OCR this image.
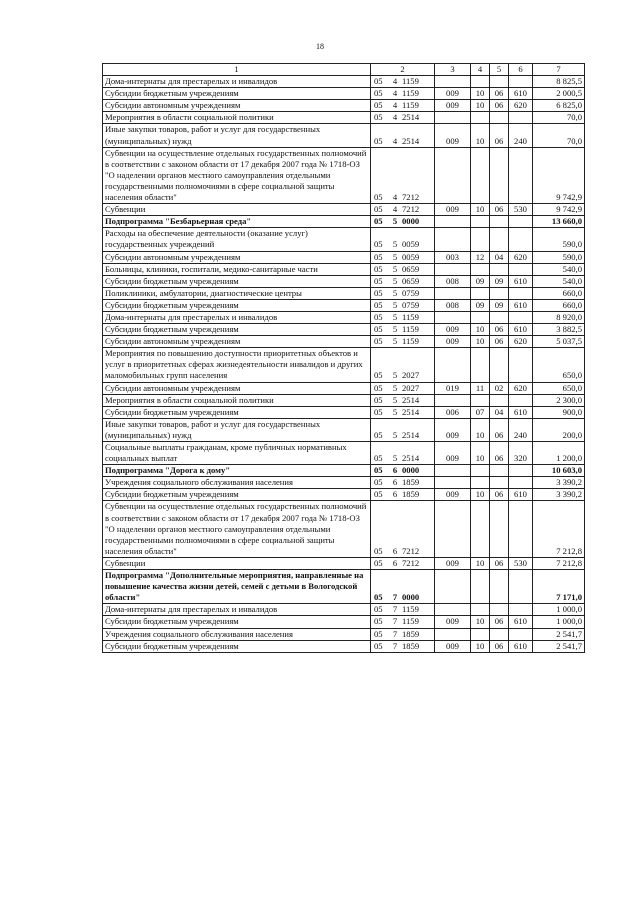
18
1	2	3	4	5	6	7
Дома-интернаты для престарелых и инвалидов	05 4 1159					8 825,5
Субсидии бюджетным учреждениям	05 4 1159	009	10	06	610	2 000,5
Субсидии автономным учреждениям	05 4 1159	009	10	06	620	6 825,0
Мероприятия в области социальной политики	05 4 2514					70,0
Иные закупки товаров, работ и услуг для государственных (муниципальных) нужд	05 4 2514	009	10	06	240	70,0
Субвенции на осуществление отдельных государственных полномочий в соответствии с законом области от 17 декабря 2007 года № 1718-ОЗ "О наделении органов местного самоуправления отдельными государственными полномочиями в сфере социальной защиты населения области"	05 4 7212					9 742,9
Субвенции	05 4 7212	009	10	06	530	9 742,9
Подпрограмма "Безбарьерная среда"	05 5 0000					13 660,0
Расходы на обеспечение деятельности (оказание услуг) государственных учреждений	05 5 0059					590,0
Субсидии автономным учреждениям	05 5 0059	003	12	04	620	590,0
Больницы, клиники, госпитали, медико-санитарные части	05 5 0659					540,0
Субсидии бюджетным учреждениям	05 5 0659	008	09	09	610	540,0
Поликлиники, амбулатории, диагностические центры	05 5 0759					660,0
Субсидии бюджетным учреждениям	05 5 0759	008	09	09	610	660,0
Дома-интернаты для престарелых и инвалидов	05 5 1159					8 920,0
Субсидии бюджетным учреждениям	05 5 1159	009	10	06	610	3 882,5
Субсидии автономным учреждениям	05 5 1159	009	10	06	620	5 037,5
Мероприятия по повышению доступности приоритетных объектов и услуг в приоритетных сферах жизнедеятельности инвалидов и других маломобильных групп населения	05 5 2027					650,0
Субсидии автономным учреждениям	05 5 2027	019	11	02	620	650,0
Мероприятия в области социальной политики	05 5 2514					2 300,0
Субсидии бюджетным учреждениям	05 5 2514	006	07	04	610	900,0
Иные закупки товаров, работ и услуг для государственных (муниципальных) нужд	05 5 2514	009	10	06	240	200,0
Социальные выплаты гражданам, кроме публичных нормативных социальных выплат	05 5 2514	009	10	06	320	1 200,0
Подпрограмма "Дорога к дому"	05 6 0000					10 603,0
Учреждения социального обслуживания населения	05 6 1859					3 390,2
Субсидии бюджетным учреждениям	05 6 1859	009	10	06	610	3 390,2
Субвенции на осуществление отдельных государственных полномочий в соответствии с законом области от 17 декабря 2007 года № 1718-ОЗ "О наделении органов местного самоуправления отдельными государственными полномочиями в сфере социальной защиты населения области"	05 6 7212					7 212,8
Субвенции	05 6 7212	009	10	06	530	7 212,8
Подпрограмма "Дополнительные мероприятия, направленные на повышение качества жизни детей, семей с детьми в Вологодской области"	05 7 0000					7 171,0
Дома-интернаты для престарелых и инвалидов	05 7 1159					1 000,0
Субсидии бюджетным учреждениям	05 7 1159	009	10	06	610	1 000,0
Учреждения социального обслуживания населения	05 7 1859					2 541,7
Субсидии бюджетным учреждениям	05 7 1859	009	10	06	610	2 541,7
